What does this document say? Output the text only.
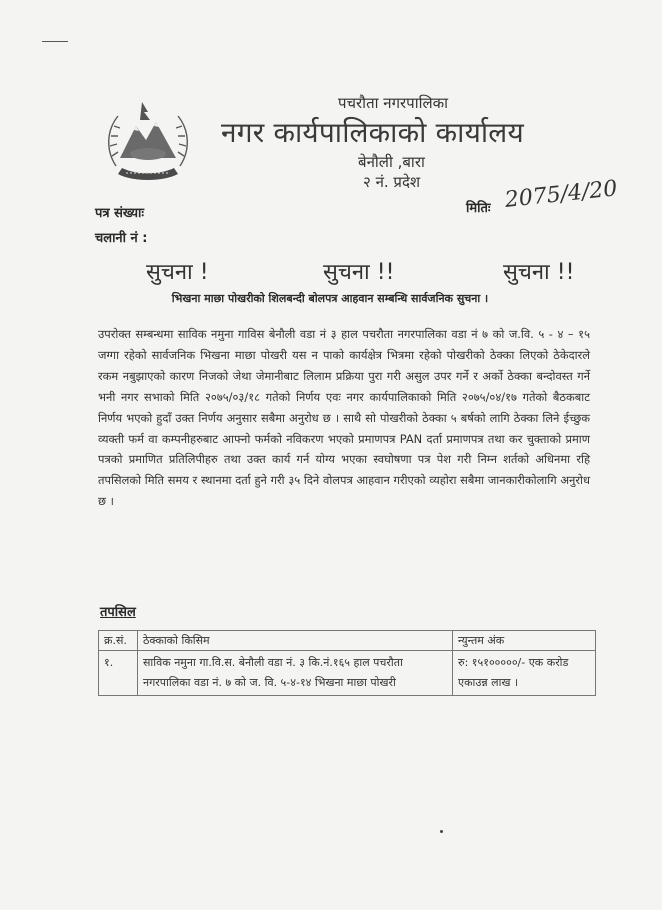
पचरौता नगरपालिका
नगर कार्यपालिकाको कार्यालय
बेनौली ,बारा
२ नं. प्रदेश
मितिः 2075/4/20
पत्र संख्याः
चलानी नं :
सुचना !	सुचना !!	सुचना !!
भिखना माछा पोखरीको शिलबन्दी बोलपत्र आहवान सम्बन्धि सार्वजनिक सुचना ।
उपरोक्त सम्बन्धमा साविक नमुना गाविस बेनौली वडा नं ३ हाल पचरौता नगरपालिका वडा नं ७ को ज.वि. ५ - ४ – १५ जग्गा रहेको सार्वजनिक भिखना माछा पोखरी यस न पाको कार्यक्षेत्र भित्रमा रहेको पोखरीको ठेक्का लिएको ठेकेदारले रकम नबुझाएको कारण निजको जेथा जेमानीबाट लिलाम प्रक्रिया पुरा गरी असुल उपर गर्ने र अर्को ठेक्का बन्दोवस्त गर्ने भनी नगर सभाको मिति २०७५/०३/१८ गतेको निर्णय एवः नगर कार्यपालिकाको मिति २०७५/०४/१७ गतेको बैठकबाट निर्णय भएको हुदाँ उक्त निर्णय अनुसार सबैमा अनुरोध छ । साथै सो पोखरीको ठेक्का ५ बर्षको लागि ठेक्का लिने ईच्छुक व्यक्ती फर्म वा कम्पनीहरुबाट आफ्नो फर्मको नविकरण भएको प्रमाणपत्र PAN दर्ता प्रमाणपत्र तथा कर चुक्ताको प्रमाण पत्रको प्रमाणित प्रतिलिपीहरु तथा उक्त कार्य गर्न योग्य भएका स्वघोषणा पत्र पेश गरी निम्न शर्तको अधिनमा रहि तपसिलको मिति समय र स्थानमा दर्ता हुने गरी ३५ दिने वोलपत्र आहवान गरीएको व्यहोरा सबैमा जानकारीकोलागि अनुरोध छ ।
तपसिल
क्र.सं.	ठेक्काको किसिम	न्युन्तम अंक
१.	साविक नमुना गा.वि.स. बेनौली वडा नं. ३ कि.नं.१६५ हाल पचरौता नगरपालिका वडा नं. ७ को ज. वि. ५-४-१४ भिखना माछा पोखरी	रु: १५१०००००/- एक करोड एकाउन्न लाख ।
